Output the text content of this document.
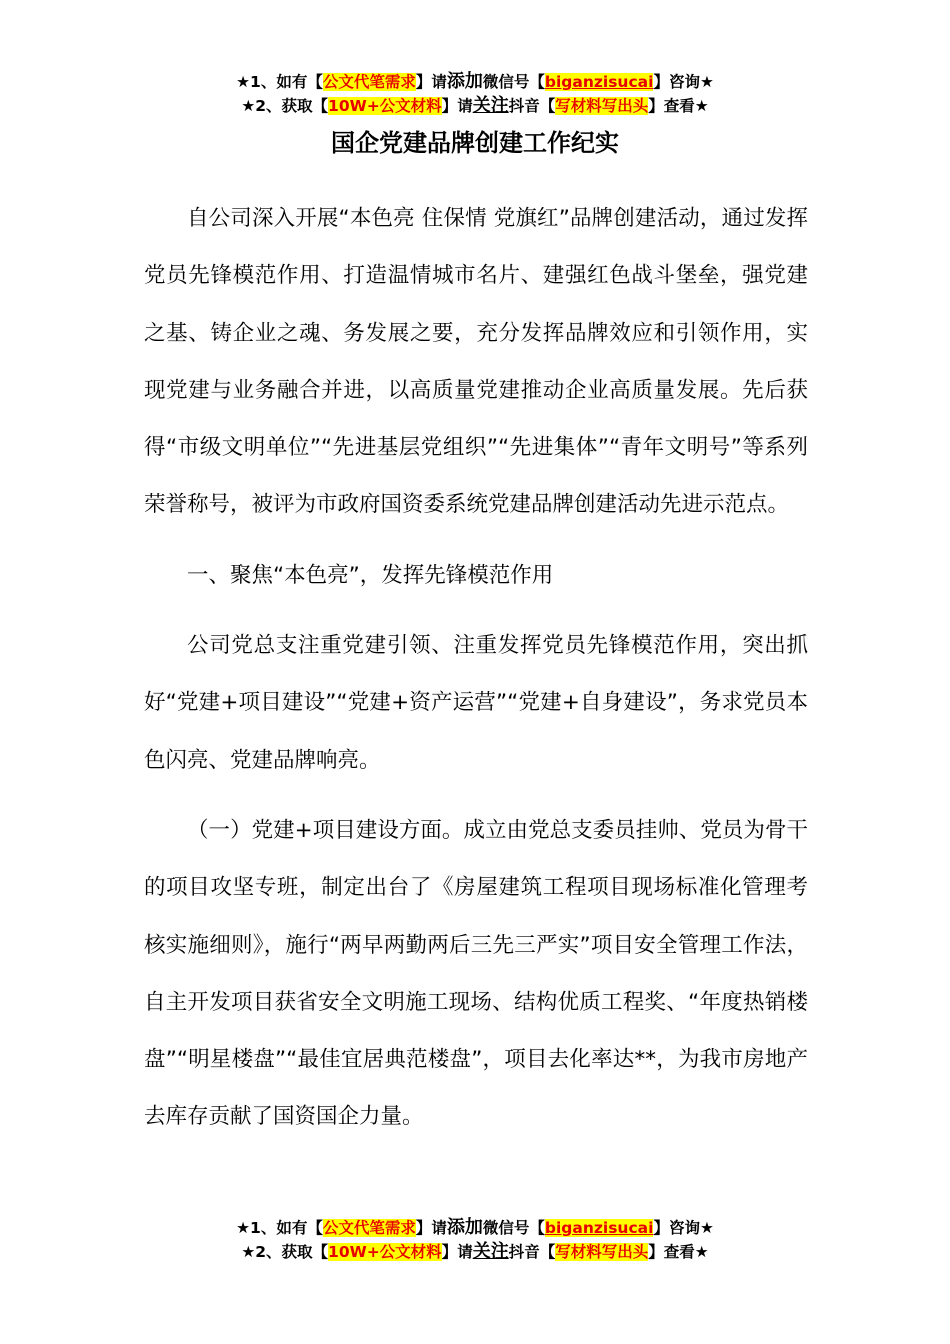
★1、如有【公文代笔需求】请添加微信号【biganzisucai】咨询★
★2、获取【10W+公文材料】请关注抖音【写材料写出头】查看★
国企党建品牌创建工作纪实

自公司深入开展“本色亮 住保情 党旗红”品牌创建活动，通过发挥党员先锋模范作用、打造温情城市名片、建强红色战斗堡垒，强党建之基、铸企业之魂、务发展之要，充分发挥品牌效应和引领作用，实现党建与业务融合并进，以高质量党建推动企业高质量发展。先后获得“市级文明单位”“先进基层党组织”“先进集体”“青年文明号”等系列荣誉称号，被评为市政府国资委系统党建品牌创建活动先进示范点。

一、聚焦“本色亮”，发挥先锋模范作用

公司党总支注重党建引领、注重发挥党员先锋模范作用，突出抓好“党建+项目建设”“党建+资产运营”“党建+自身建设”，务求党员本色闪亮、党建品牌响亮。

（一）党建+项目建设方面。成立由党总支委员挂帅、党员为骨干的项目攻坚专班，制定出台了《房屋建筑工程项目现场标准化管理考核实施细则》，施行“两早两勤两后三先三严实”项目安全管理工作法，自主开发项目获省安全文明施工现场、结构优质工程奖、“年度热销楼盘”“明星楼盘”“最佳宜居典范楼盘”，项目去化率达**，为我市房地产去库存贡献了国资国企力量。

★1、如有【公文代笔需求】请添加微信号【biganzisucai】咨询★
★2、获取【10W+公文材料】请关注抖音【写材料写出头】查看★
